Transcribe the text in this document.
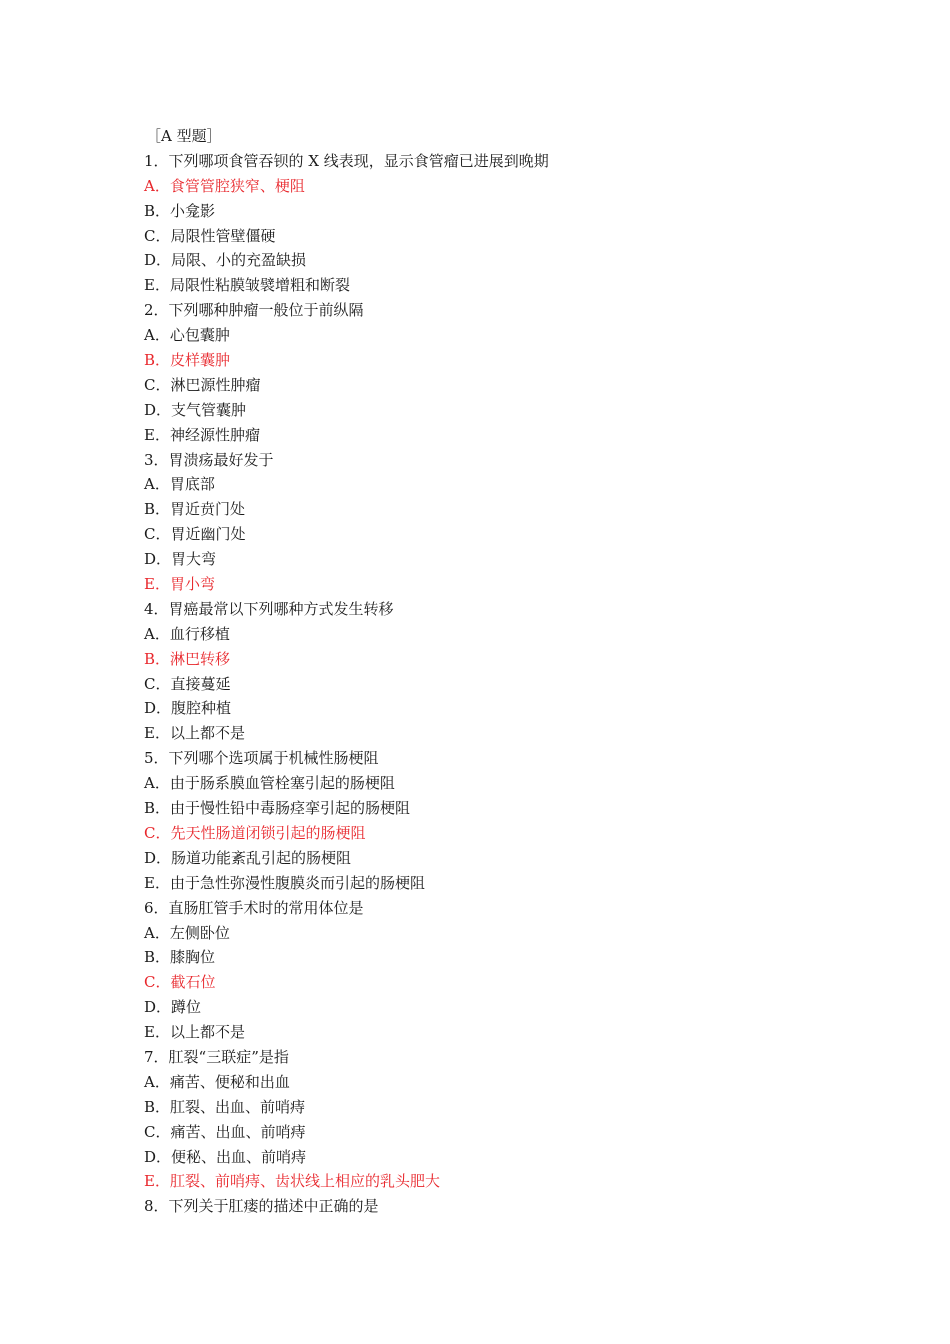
［A 型题］
1．下列哪项食管吞钡的 X 线表现，显示食管瘤已进展到晚期
A．食管管腔狭窄、梗阻
B．小龛影
C．局限性管壁僵硬
D．局限、小的充盈缺损
E．局限性粘膜皱襞增粗和断裂
2．下列哪种肿瘤一般位于前纵隔
A．心包囊肿
B．皮样囊肿
C．淋巴源性肿瘤
D．支气管囊肿
E．神经源性肿瘤
3．胃溃疡最好发于
A．胃底部
B．胃近贲门处
C．胃近幽门处
D．胃大弯
E．胃小弯
4．胃癌最常以下列哪种方式发生转移
A．血行移植
B．淋巴转移
C．直接蔓延
D．腹腔种植
E．以上都不是
5．下列哪个选项属于机械性肠梗阻
A．由于肠系膜血管栓塞引起的肠梗阻
B．由于慢性铅中毒肠痉挛引起的肠梗阻
C．先天性肠道闭锁引起的肠梗阻
D．肠道功能紊乱引起的肠梗阻
E．由于急性弥漫性腹膜炎而引起的肠梗阻
6．直肠肛管手术时的常用体位是
A．左侧卧位
B．膝胸位
C．截石位
D．蹲位
E．以上都不是
7．肛裂“三联症”是指
A．痛苦、便秘和出血
B．肛裂、出血、前哨痔
C．痛苦、出血、前哨痔
D．便秘、出血、前哨痔
E．肛裂、前哨痔、齿状线上相应的乳头肥大
8．下列关于肛瘘的描述中正确的是
